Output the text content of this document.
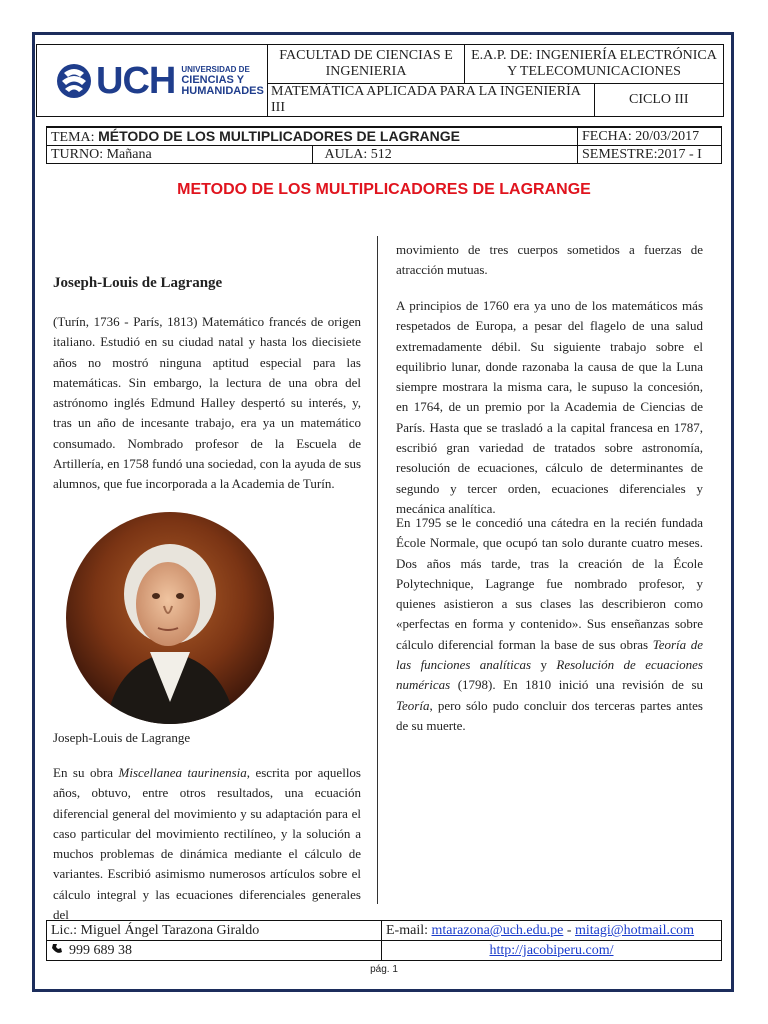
UCH UNIVERSIDAD DE
CIENCIAS Y
HUMANIDADES	FACULTAD DE CIENCIAS E INGENIERIA	E.A.P. DE: INGENIERÍA ELECTRÓNICA Y TELECOMUNICACIONES	
	MATEMÁTICA APLICADA PARA LA INGENIERÍA III		CICLO III
TEMA: MÉTODO DE LOS MULTIPLICADORES DE LAGRANGE		FECHA: 20/03/2017
TURNO: Mañana	AULA: 512	SEMESTRE:2017 - I
METODO DE LOS MULTIPLICADORES DE LAGRANGE
Joseph-Louis de Lagrange

(Turín, 1736 - París, 1813) Matemático francés de origen italiano. Estudió en su ciudad natal y hasta los diecisiete años no mostró ninguna aptitud especial para las matemáticas. Sin embargo, la lectura de una obra del astrónomo inglés Edmund Halley despertó su interés, y, tras un año de incesante trabajo, era ya un matemático consumado. Nombrado profesor de la Escuela de Artillería, en 1758 fundó una sociedad, con la ayuda de sus alumnos, que fue incorporada a la Academia de Turín.

Joseph-Louis de Lagrange

En su obra Miscellanea taurinensia, escrita por aquellos años, obtuvo, entre otros resultados, una ecuación diferencial general del movimiento y su adaptación para el caso particular del movimiento rectilíneo, y la solución a muchos problemas de dinámica mediante el cálculo de variantes. Escribió asimismo numerosos artículos sobre el cálculo integral y las ecuaciones diferenciales generales del

movimiento de tres cuerpos sometidos a fuerzas de atracción mutuas.

A principios de 1760 era ya uno de los matemáticos más respetados de Europa, a pesar del flagelo de una salud extremadamente débil. Su siguiente trabajo sobre el equilibrio lunar, donde razonaba la causa de que la Luna siempre mostrara la misma cara, le supuso la concesión, en 1764, de un premio por la Academia de Ciencias de París. Hasta que se trasladó a la capital francesa en 1787, escribió gran variedad de tratados sobre astronomía, resolución de ecuaciones, cálculo de determinantes de segundo y tercer orden, ecuaciones diferenciales y mecánica analítica.

En 1795 se le concedió una cátedra en la recién fundada École Normale, que ocupó tan solo durante cuatro meses. Dos años más tarde, tras la creación de la École Polytechnique, Lagrange fue nombrado profesor, y quienes asistieron a sus clases las describieron como «perfectas en forma y contenido». Sus enseñanzas sobre cálculo diferencial forman la base de sus obras Teoría de las funciones analíticas y Resolución de ecuaciones numéricas (1798). En 1810 inició una revisión de su Teoría, pero sólo pudo concluir dos terceras partes antes de su muerte.

Lic.: Miguel Ángel Tarazona Giraldo	E-mail: mtarazona@uch.edu.pe - mitagi@hotmail.com
999 689 38	http://jacobiperu.com/

pág. 1
